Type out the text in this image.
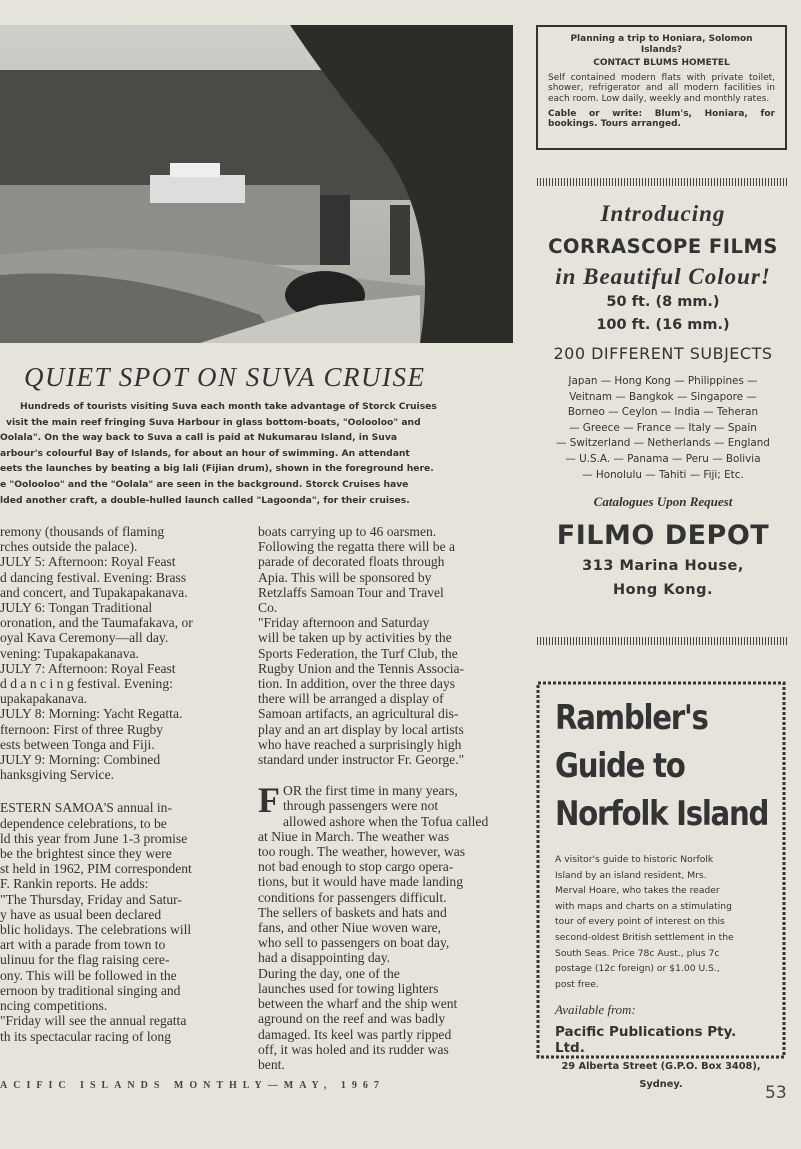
QUIET SPOT ON SUVA CRUISE

Hundreds of tourists visiting Suva each month take advantage of Storck Cruises

visit the main reef fringing Suva Harbour in glass bottom-boats, "Oolooloo" and

Oolala". On the way back to Suva a call is paid at Nukumarau Island, in Suva

arbour's colourful Bay of Islands, for about an hour of swimming. An attendant

eets the launches by beating a big lali (Fijian drum), shown in the foreground here.

e "Oolooloo" and the "Oolala" are seen in the background. Storck Cruises have

lded another craft, a double-hulled launch called "Lagoonda", for their cruises.

remony (thousands of flaming

rches outside the palace).

JULY 5: Afternoon: Royal Feast

d dancing festival. Evening: Brass

and concert, and Tupakapakanava.

JULY 6: Tongan Traditional

oronation, and the Taumafakava, or

oyal Kava Ceremony—all day.

vening: Tupakapakanava.

JULY 7: Afternoon: Royal Feast

d d a n c i n g festival. Evening:

upakapakanava.

JULY 8: Morning: Yacht Regatta.

fternoon: First of three Rugby

ests between Tonga and Fiji.

JULY 9: Morning: Combined

hanksgiving Service.

ESTERN SAMOA'S annual in-

dependence celebrations, to be

ld this year from June 1-3 promise

be the brightest since they were

st held in 1962, PIM correspondent

F. Rankin reports. He adds:

"The Thursday, Friday and Satur-

y have as usual been declared

blic holidays. The celebrations will

art with a parade from town to

ulinuu for the flag raising cere-

ony. This will be followed in the

ernoon by traditional singing and

ncing competitions.

"Friday will see the annual regatta

th its spectacular racing of long

boats carrying up to 46 oarsmen.

Following the regatta there will be a

parade of decorated floats through

Apia. This will be sponsored by

Retzlaffs Samoan Tour and Travel

Co.

"Friday afternoon and Saturday

will be taken up by activities by the

Sports Federation, the Turf Club, the

Rugby Union and the Tennis Associa-

tion. In addition, over the three days

there will be arranged a display of

Samoan artifacts, an agricultural dis-

play and an art display by local artists

who have reached a surprisingly high

standard under instructor Fr. George."

F OR the first time in many years,

through passengers were not

allowed ashore when the Tofua called

at Niue in March. The weather was

too rough. The weather, however, was

not bad enough to stop cargo opera-

tions, but it would have made landing

conditions for passengers difficult.

The sellers of baskets and hats and

fans, and other Niue woven ware,

who sell to passengers on boat day,

had a disappointing day.

During the day, one of the

launches used for towing lighters

between the wharf and the ship went

aground on the reef and was badly

damaged. Its keel was partly ripped

off, it was holed and its rudder was

bent.

ACIFIC ISLANDS MONTHLY—MAY, 1967	53
Planning a trip to Honiara, Solomon
Islands?
CONTACT BLUMS HOMETEL
Self contained modern flats with private toilet, shower, refrigerator and all modern facilities in each room. Low daily, weekly and monthly rates.
Cable or write: Blum's, Honiara, for bookings. Tours arranged.
Introducing
CORRASCOPE FILMS
in Beautiful Colour!
50 ft. (8 mm.)
100 ft. (16 mm.)
200 DIFFERENT SUBJECTS
Japan — Hong Kong — Philippines —
Veitnam — Bangkok — Singapore —
Borneo — Ceylon — India — Teheran
— Greece — France — Italy — Spain
— Switzerland — Netherlands — England
— U.S.A. — Panama — Peru — Bolivia
— Honolulu — Tahiti — Fiji; Etc.
Catalogues Upon Request
FILMO DEPOT
313 Marina House,
Hong Kong.
Rambler's
Guide to
Norfolk Island
A visitor's guide to historic Norfolk
Island by an island resident, Mrs.
Merval Hoare, who takes the reader
with maps and charts on a stimulating
tour of every point of interest on this
second-oldest British settlement in the
South Seas. Price 78c Aust., plus 7c
postage (12c foreign) or $1.00 U.S.,
post free.
Available from:
Pacific Publications Pty. Ltd.
29 Alberta Street (G.P.O. Box 3408),
Sydney.
